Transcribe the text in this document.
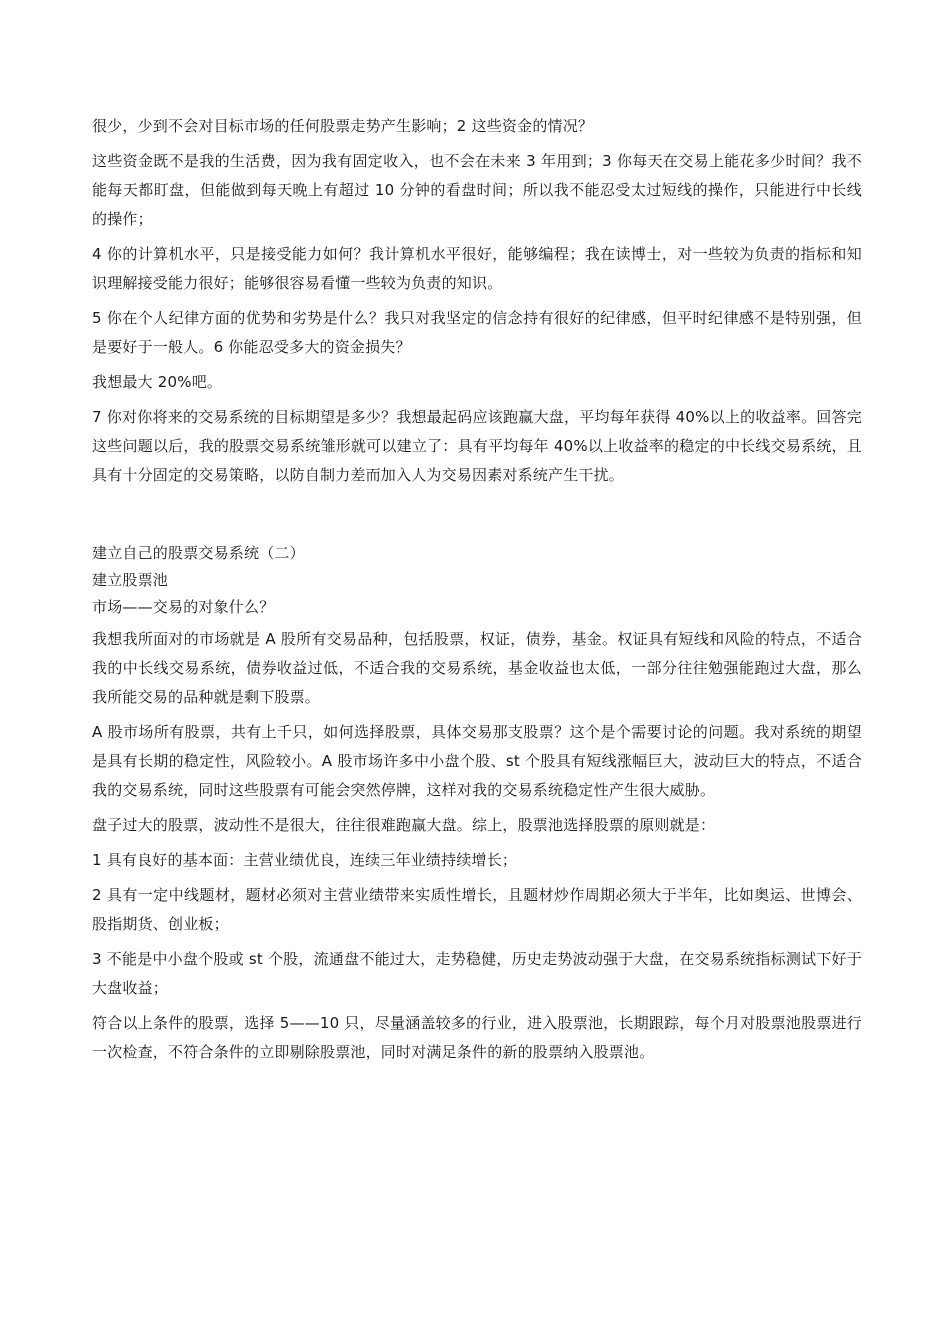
很少，少到不会对目标市场的任何股票走势产生影响；2 这些资金的情况？

这些资金既不是我的生活费，因为我有固定收入，也不会在未来 3 年用到；3 你每天在交易上能花多少时间？我不能每天都盯盘，但能做到每天晚上有超过 10 分钟的看盘时间；所以我不能忍受太过短线的操作，只能进行中长线的操作；

4 你的计算机水平，只是接受能力如何？我计算机水平很好，能够编程；我在读博士，对一些较为负责的指标和知识理解接受能力很好；能够很容易看懂一些较为负责的知识。

5 你在个人纪律方面的优势和劣势是什么？我只对我坚定的信念持有很好的纪律感，但平时纪律感不是特别强，但是要好于一般人。6 你能忍受多大的资金损失？

我想最大 20%吧。

7 你对你将来的交易系统的目标期望是多少？我想最起码应该跑赢大盘，平均每年获得 40%以上的收益率。回答完这些问题以后，我的股票交易系统雏形就可以建立了：具有平均每年 40%以上收益率的稳定的中长线交易系统，且具有十分固定的交易策略，以防自制力差而加入人为交易因素对系统产生干扰。

建立自己的股票交易系统（二）

建立股票池

市场——交易的对象什么？

我想我所面对的市场就是 A 股所有交易品种，包括股票，权证，债券，基金。权证具有短线和风险的特点，不适合我的中长线交易系统，债券收益过低，不适合我的交易系统，基金收益也太低，一部分往往勉强能跑过大盘，那么我所能交易的品种就是剩下股票。

A 股市场所有股票，共有上千只，如何选择股票，具体交易那支股票？这个是个需要讨论的问题。我对系统的期望是具有长期的稳定性，风险较小。A 股市场许多中小盘个股、st 个股具有短线涨幅巨大，波动巨大的特点，不适合我的交易系统，同时这些股票有可能会突然停牌，这样对我的交易系统稳定性产生很大威胁。

盘子过大的股票，波动性不是很大，往往很难跑赢大盘。综上，股票池选择股票的原则就是：

1 具有良好的基本面：主营业绩优良，连续三年业绩持续增长；

2 具有一定中线题材，题材必须对主营业绩带来实质性增长，且题材炒作周期必须大于半年，比如奥运、世博会、股指期货、创业板；

3 不能是中小盘个股或 st 个股，流通盘不能过大，走势稳健，历史走势波动强于大盘，在交易系统指标测试下好于大盘收益；

符合以上条件的股票，选择 5——10 只，尽量涵盖较多的行业，进入股票池，长期跟踪，每个月对股票池股票进行一次检查，不符合条件的立即剔除股票池，同时对满足条件的新的股票纳入股票池。
